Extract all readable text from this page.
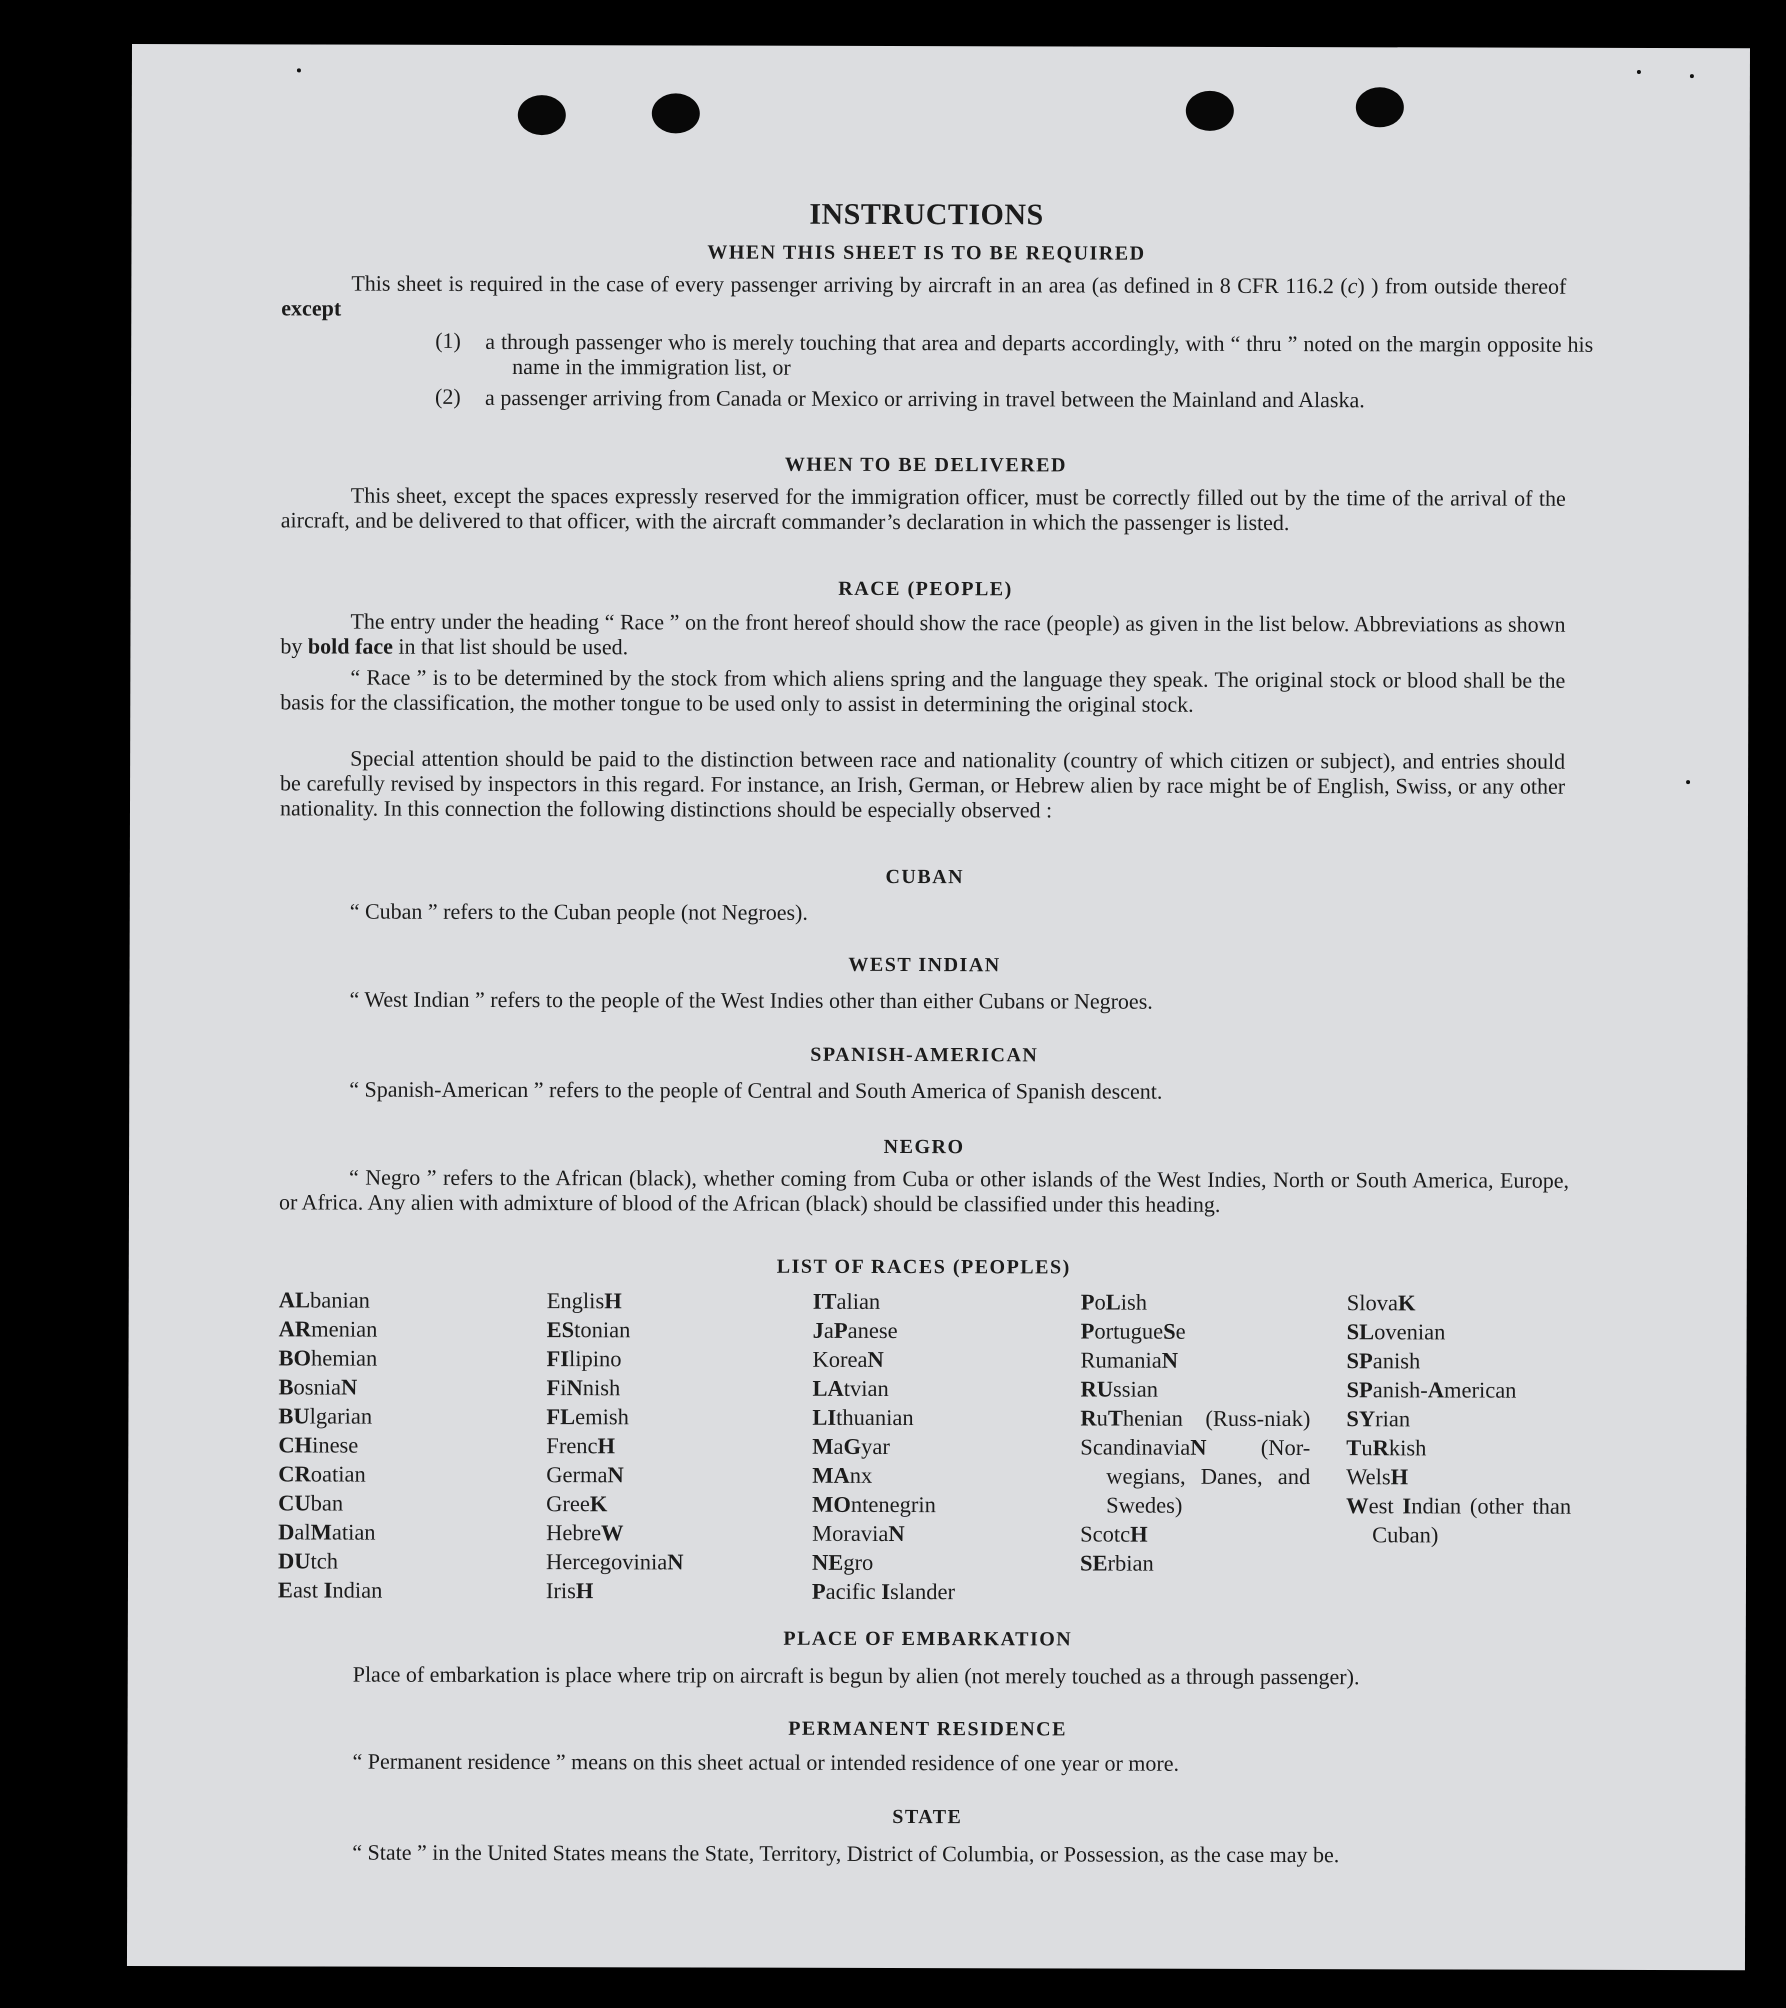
INSTRUCTIONS
WHEN THIS SHEET IS TO BE REQUIRED
This sheet is required in the case of every passenger arriving by aircraft in an area (as defined in 8 CFR 116.2 (c) ) from outside thereof except
(1) a through passenger who is merely touching that area and departs accordingly, with “ thru ” noted on the margin opposite his name in the immigration list, or
(2) a passenger arriving from Canada or Mexico or arriving in travel between the Mainland and Alaska.
WHEN TO BE DELIVERED
This sheet, except the spaces expressly reserved for the immigration officer, must be correctly filled out by the time of the arrival of the aircraft, and be delivered to that officer, with the aircraft commander’s declaration in which the passenger is listed.
RACE (PEOPLE)
The entry under the heading “ Race ” on the front hereof should show the race (people) as given in the list below. Abbreviations as shown by bold face in that list should be used.
“ Race ” is to be determined by the stock from which aliens spring and the language they speak. The original stock or blood shall be the basis for the classification, the mother tongue to be used only to assist in determining the original stock.
Special attention should be paid to the distinction between race and nationality (country of which citizen or subject), and entries should be carefully revised by inspectors in this regard. For instance, an Irish, German, or Hebrew alien by race might be of English, Swiss, or any other nationality. In this connection the following distinctions should be especially observed :
CUBAN
“ Cuban ” refers to the Cuban people (not Negroes).
WEST INDIAN
“ West Indian ” refers to the people of the West Indies other than either Cubans or Negroes.
SPANISH-AMERICAN
“ Spanish-American ” refers to the people of Central and South America of Spanish descent.
NEGRO
“ Negro ” refers to the African (black), whether coming from Cuba or other islands of the West Indies, North or South America, Europe, or Africa. Any alien with admixture of blood of the African (black) should be classified under this heading.
LIST OF RACES (PEOPLES)
ALbanian
ARmenian
BOhemian
BosniaN
BUlgarian
CHinese
CRoatian
CUban
DalMatian
DUtch
East Indian
EnglisH
EStonian
FIlipino
FiNnish
FLemish
FrencH
GermaN
GreeK
HebreW
HercegoviniaN
IrisH
ITalian
JaPanese
KoreaN
LAtvian
LIthuanian
MaGyar
MAnx
MOntenegrin
MoraviaN
NEgro
Pacific Islander
PoLish
PortugueSe
RumaniaN
RUssian
RuThenian (Russ-niak)
ScandinaviaN (Nor-wegians, Danes, and Swedes)
ScotcH
SErbian
SlovaK
SLovenian
SPanish
SPanish-American
SYrian
TuRkish
WelsH
West Indian (other than Cuban)
PLACE OF EMBARKATION
Place of embarkation is place where trip on aircraft is begun by alien (not merely touched as a through passenger).
PERMANENT RESIDENCE
“ Permanent residence ” means on this sheet actual or intended residence of one year or more.
STATE
“ State ” in the United States means the State, Territory, District of Columbia, or Possession, as the case may be.
